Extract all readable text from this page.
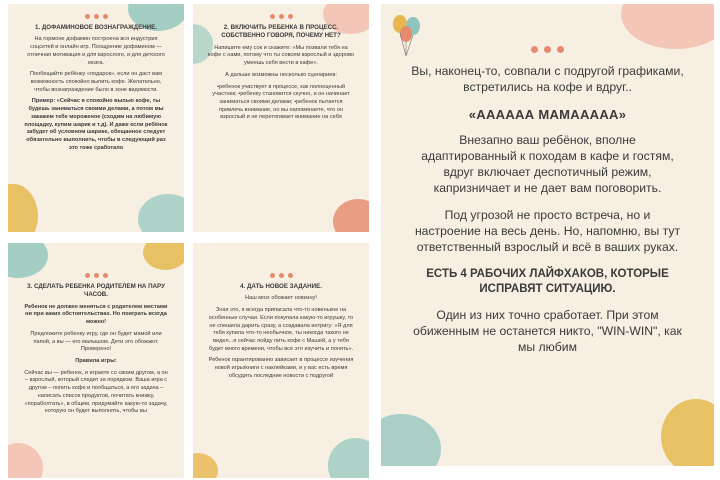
1. ДОФАМИНОВОЕ ВОЗНАГРАЖДЕНИЕ.
На гормоне дофамин построена вся индустрия соцсетей и онлайн игр. Поощрение дофамином — отличная мотивация и для взрослого, и для детского мозга.
Пообещайте ребёнку «подарок», если он даст вам возможность спокойно выпить кофе. Желательно, чтобы вознаграждение было в зоне видимости.
Пример: «Сейчас я спокойно выпью кофе, ты будешь заниматься своими делами, а потом мы закажем тебе мороженое (сходим на любимую площадку, купим шарик и т.д). И даже если ребёнок забудет об условном шарике, обещанное следует обязательно выполнить, чтобы в следующий раз это тоже сработало
2. ВКЛЮЧИТЬ РЕБЕНКА В ПРОЦЕСС. СОБСТВЕННО ГОВОРЯ, ПОЧЕМУ НЕТ?
Напишите ему сок и скажите: «Мы позвали тебя на кофе с нами, потому что ты совсем взрослый и здорово умеешь себя вести в кафе».
А дальше возможны несколько сценариев:
•ребенок участвует в процессе, как полноценный участник; •ребенку становится скучно, и он начинает заниматься своими делами; •ребенок пытается привлечь внимание, но вы напоминаете, что он взрослый и не перетягивает внимание на себя
3. СДЕЛАТЬ РЕБЕНКА РОДИТЕЛЕМ НА ПАРУ ЧАСОВ.
Ребенок не должен меняться с родителем местами ни при каких обстоятельствах. Но поиграть всегда можно!
Предложите ребенку игру, где он будет мамой или папой, а вы — его малышом. Дети это обожают. Проверено!
Правила игры:
Сейчас вы — ребенок, и играете со своим другом, а он – взрослый, который следит за порядком. Ваша игра с другом – попить кофе и пообщаться, а его задача – написать список продуктов, почитать книжку, «пораболтать», в общем, придумайте какую-то задачу, которую он будет выполнять, чтобы вы
4. ДАТЬ НОВОЕ ЗАДАНИЕ.
Наш мозг обожает новизну!
Зная это, я всегда припасала что-то новенькое на особенные случаи. Если покупала какую-то игрушку, то не спешила дарить сразу, а создавала интригу: «Я для тебя купила что-то необычное, ты никогда такого не видел...я сейчас пойду пить кофе с Машей, а у тебя будет много времени, чтобы все это изучить и понять».
Ребенок гарантированно зависает в процессе изучения новой игры/книги с наклейками, и у вас есть время обсудить последние новости с подругой
Вы, наконец-то, совпали с подругой графиками, встретились на кофе и вдруг..
«АААААА МАМААААА»
Внезапно ваш ребёнок, вполне адаптированный к походам в кафе и гостям, вдруг включает деспотичный режим, капризничает и не дает вам поговорить.
Под угрозой не просто встреча, но и настроение на весь день. Но, напомню, вы тут ответственный взрослый и всё в ваших руках.
ЕСТЬ 4 РАБОЧИХ ЛАЙФХАКОВ, КОТОРЫЕ ИСПРАВЯТ СИТУАЦИЮ.
Один из них точно сработает. При этом обиженным не останется никто, "WIN-WIN", как мы любим
